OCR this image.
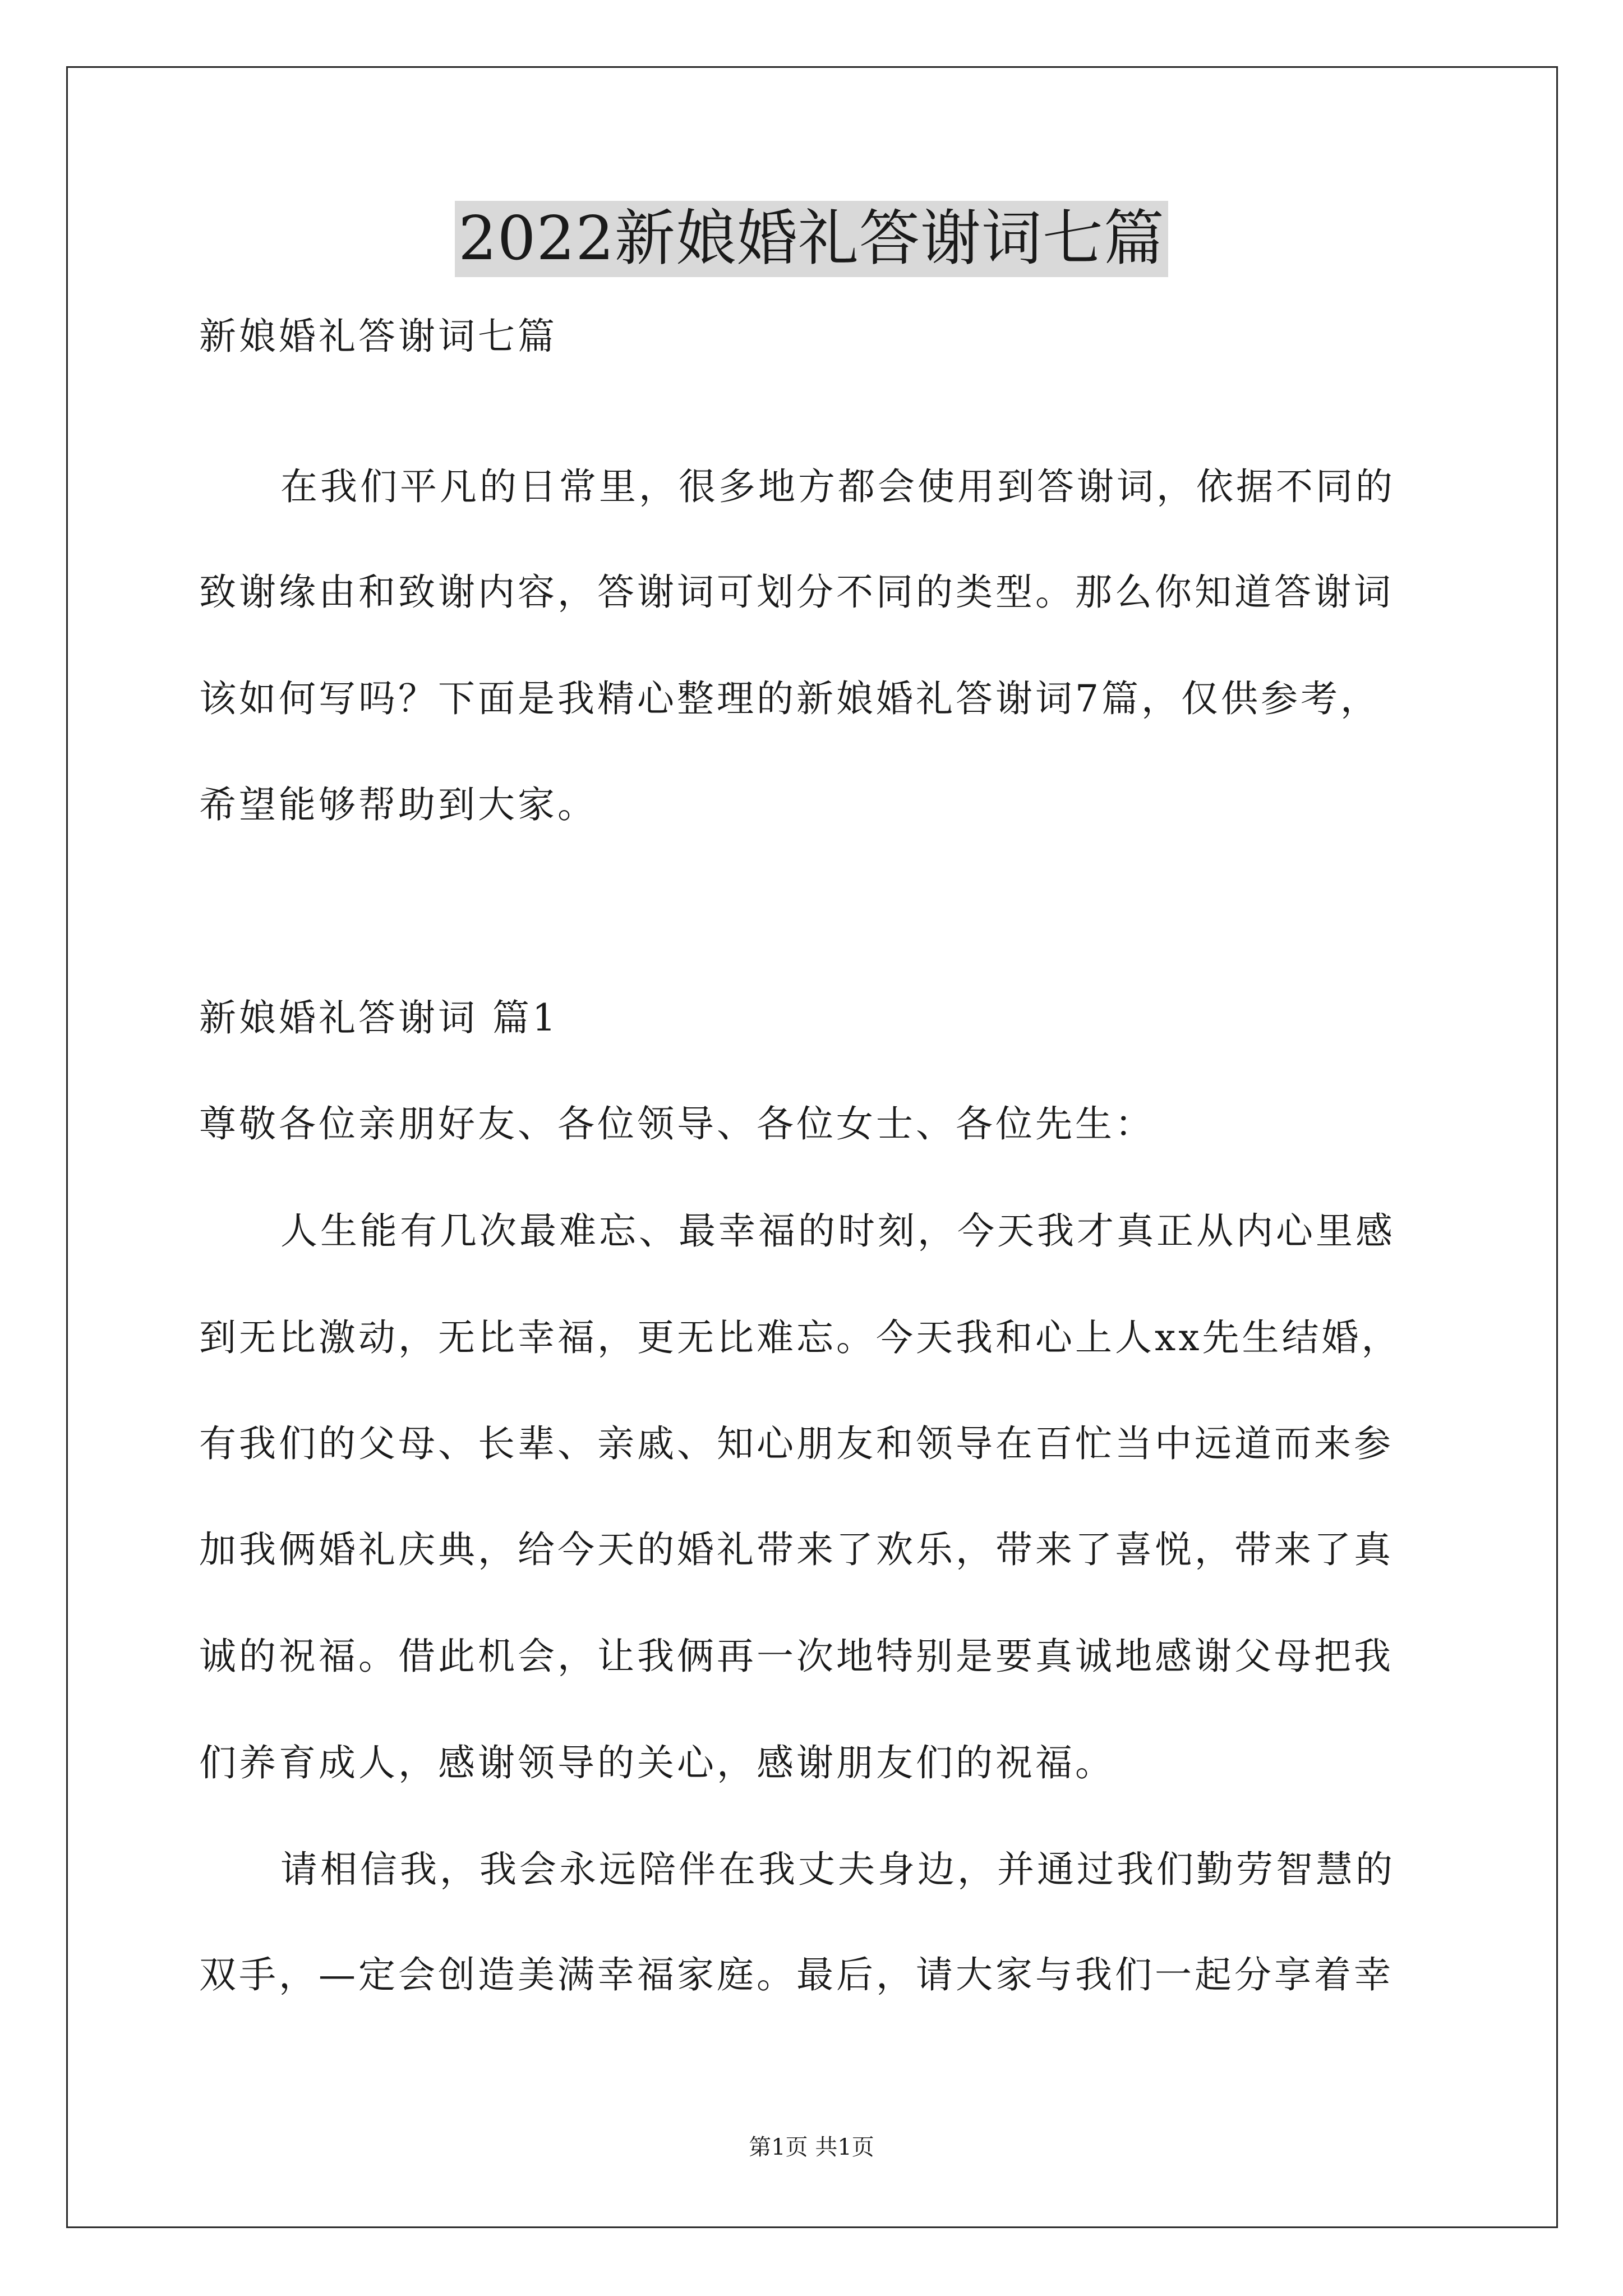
2022新娘婚礼答谢词七篇
新娘婚礼答谢词七篇
在我们平凡的日常里，很多地方都会使用到答谢词，依据不同的
致谢缘由和致谢内容，答谢词可划分不同的类型。那么你知道答谢词
该如何写吗？下面是我精心整理的新娘婚礼答谢词7篇，仅供参考，
希望能够帮助到大家。
新娘婚礼答谢词 篇1
尊敬各位亲朋好友、各位领导、各位女士、各位先生：
人生能有几次最难忘、最幸福的时刻，今天我才真正从内心里感
到无比激动，无比幸福，更无比难忘。今天我和心上人xx先生结婚，
有我们的父母、长辈、亲戚、知心朋友和领导在百忙当中远道而来参
加我俩婚礼庆典，给今天的婚礼带来了欢乐，带来了喜悦，带来了真
诚的祝福。借此机会，让我俩再一次地特别是要真诚地感谢父母把我
们养育成人，感谢领导的关心，感谢朋友们的祝福。
请相信我，我会永远陪伴在我丈夫身边，并通过我们勤劳智慧的
双手，—定会创造美满幸福家庭。最后，请大家与我们一起分享着幸
第1页 共1页
